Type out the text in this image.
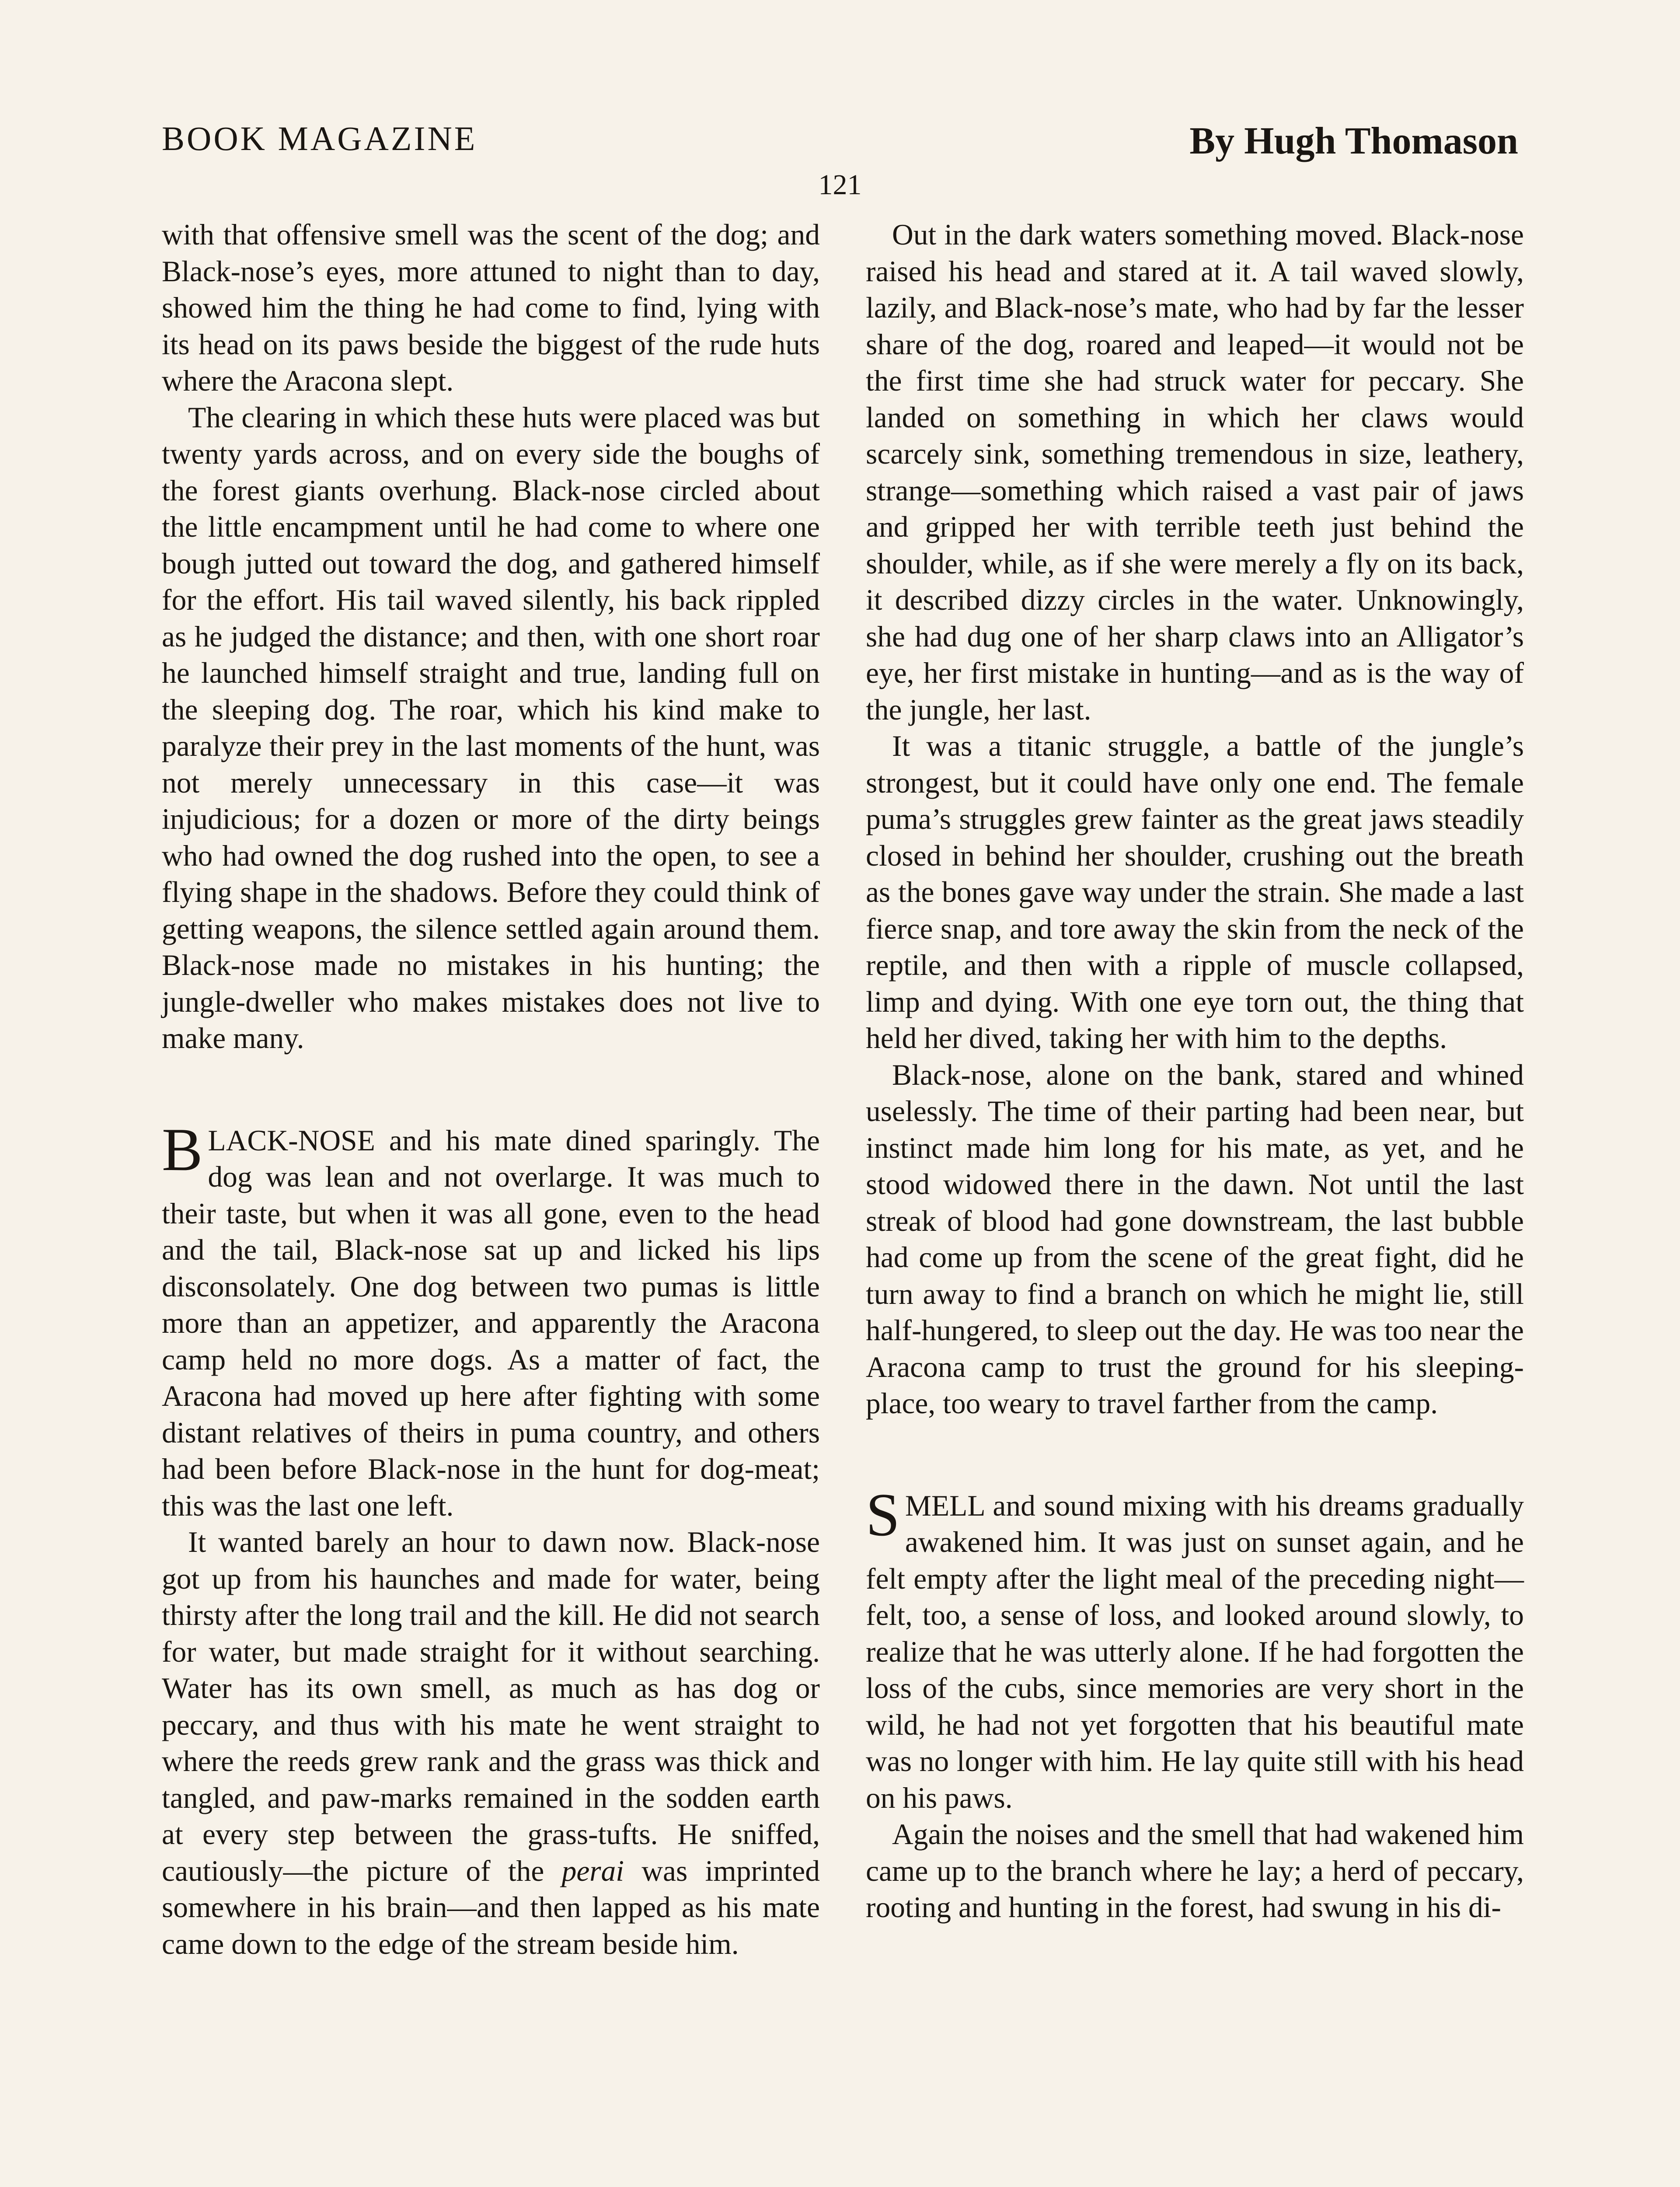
BOOK MAGAZINE	By Hugh Thomason
121

with that offensive smell was the scent of the dog; and Black-nose’s eyes, more attuned to night than to day, showed him the thing he had come to find, lying with its head on its paws beside the biggest of the rude huts where the Aracona slept.

The clearing in which these huts were placed was but twenty yards across, and on every side the boughs of the forest giants overhung. Black-nose circled about the little encampment until he had come to where one bough jutted out toward the dog, and gathered himself for the effort. His tail waved silently, his back rippled as he judged the distance; and then, with one short roar he launched himself straight and true, landing full on the sleeping dog. The roar, which his kind make to paralyze their prey in the last moments of the hunt, was not merely unnecessary in this case—it was injudicious; for a dozen or more of the dirty beings who had owned the dog rushed into the open, to see a flying shape in the shadows. Before they could think of getting weapons, the silence settled again around them. Black-nose made no mistakes in his hunting; the jungle-dweller who makes mistakes does not live to make many.

BLACK-NOSE and his mate dined sparingly. The dog was lean and not overlarge. It was much to their taste, but when it was all gone, even to the head and the tail, Black-nose sat up and licked his lips disconsolately. One dog between two pumas is little more than an appetizer, and apparently the Aracona camp held no more dogs. As a matter of fact, the Aracona had moved up here after fighting with some distant relatives of theirs in puma country, and others had been before Black-nose in the hunt for dog-meat; this was the last one left.

It wanted barely an hour to dawn now. Black-nose got up from his haunches and made for water, being thirsty after the long trail and the kill. He did not search for water, but made straight for it without searching. Water has its own smell, as much as has dog or peccary, and thus with his mate he went straight to where the reeds grew rank and the grass was thick and tangled, and paw-marks remained in the sodden earth at every step between the grass-tufts. He sniffed, cautiously—the picture of the perai was imprinted somewhere in his brain—and then lapped as his mate came down to the edge of the stream beside him.

Out in the dark waters something moved. Black-nose raised his head and stared at it. A tail waved slowly, lazily, and Black-nose’s mate, who had by far the lesser share of the dog, roared and leaped—it would not be the first time she had struck water for peccary. She landed on something in which her claws would scarcely sink, something tremendous in size, leathery, strange—something which raised a vast pair of jaws and gripped her with terrible teeth just behind the shoulder, while, as if she were merely a fly on its back, it described dizzy circles in the water. Unknowingly, she had dug one of her sharp claws into an Alligator’s eye, her first mistake in hunting—and as is the way of the jungle, her last.

It was a titanic struggle, a battle of the jungle’s strongest, but it could have only one end. The female puma’s struggles grew fainter as the great jaws steadily closed in behind her shoulder, crushing out the breath as the bones gave way under the strain. She made a last fierce snap, and tore away the skin from the neck of the reptile, and then with a ripple of muscle collapsed, limp and dying. With one eye torn out, the thing that held her dived, taking her with him to the depths.

Black-nose, alone on the bank, stared and whined uselessly. The time of their parting had been near, but instinct made him long for his mate, as yet, and he stood widowed there in the dawn. Not until the last streak of blood had gone downstream, the last bubble had come up from the scene of the great fight, did he turn away to find a branch on which he might lie, still half-hungered, to sleep out the day. He was too near the Aracona camp to trust the ground for his sleeping-place, too weary to travel farther from the camp.

SMELL and sound mixing with his dreams gradually awakened him. It was just on sunset again, and he felt empty after the light meal of the preceding night—felt, too, a sense of loss, and looked around slowly, to realize that he was utterly alone. If he had forgotten the loss of the cubs, since memories are very short in the wild, he had not yet forgotten that his beautiful mate was no longer with him. He lay quite still with his head on his paws.

Again the noises and the smell that had wakened him came up to the branch where he lay; a herd of peccary, rooting and hunting in the forest, had swung in his di-
